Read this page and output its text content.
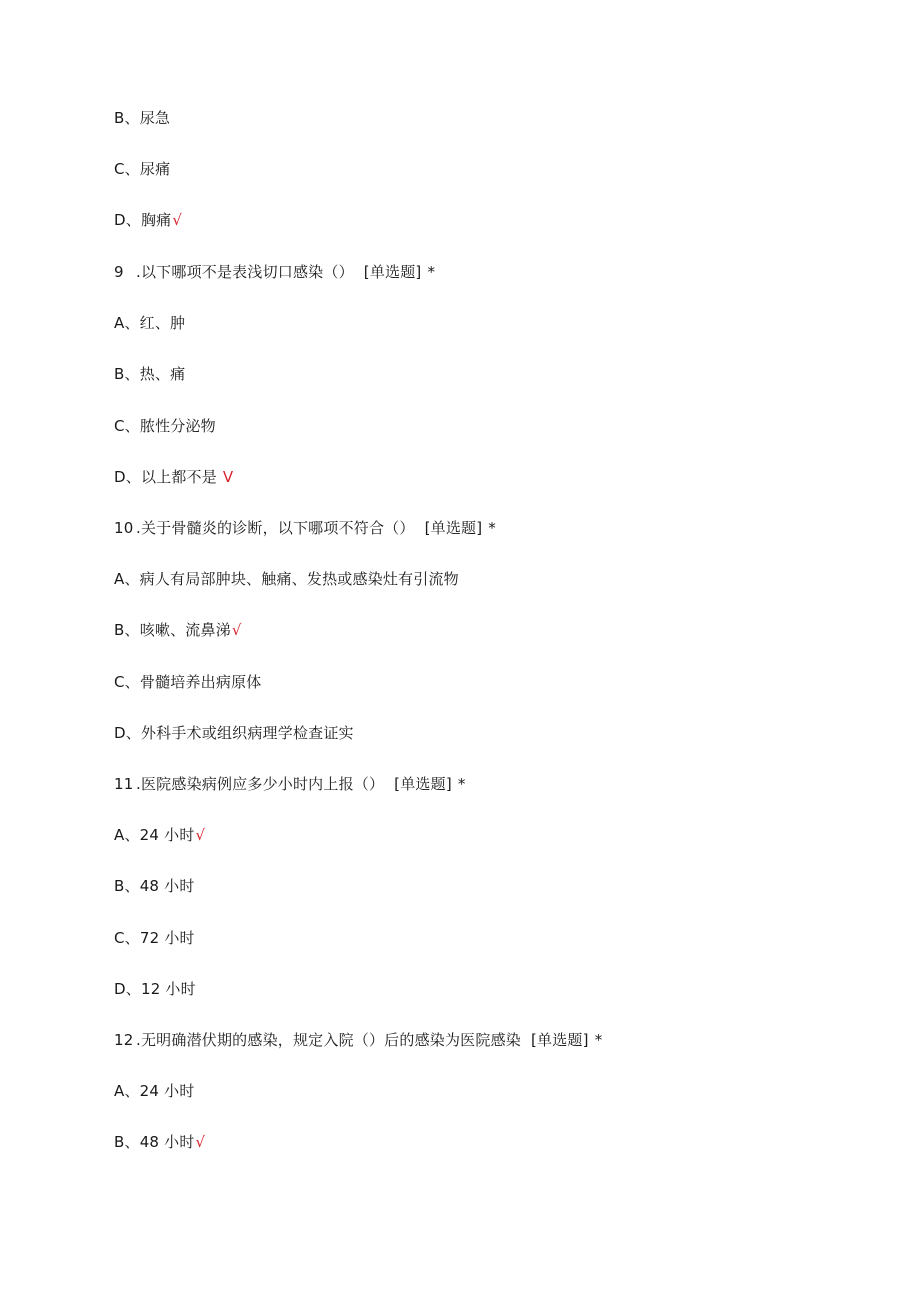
B、尿急
C、尿痛
D、胸痛√
9 .以下哪项不是表浅切口感染（） [单选题] *
A、红、肿
B、热、痛
C、脓性分泌物
D、以上都不是 V
10 .关于骨髓炎的诊断，以下哪项不符合（） [单选题] *
A、病人有局部肿块、触痛、发热或感染灶有引流物
B、咳嗽、流鼻涕√
C、骨髓培养出病原体
D、外科手术或组织病理学检查证实
11 .医院感染病例应多少小时内上报（） [单选题] *
A、24 小时√
B、48 小时
C、72 小时
D、12 小时
12 .无明确潜伏期的感染，规定入院（）后的感染为医院感染 [单选题] *
A、24 小时
B、48 小时√
